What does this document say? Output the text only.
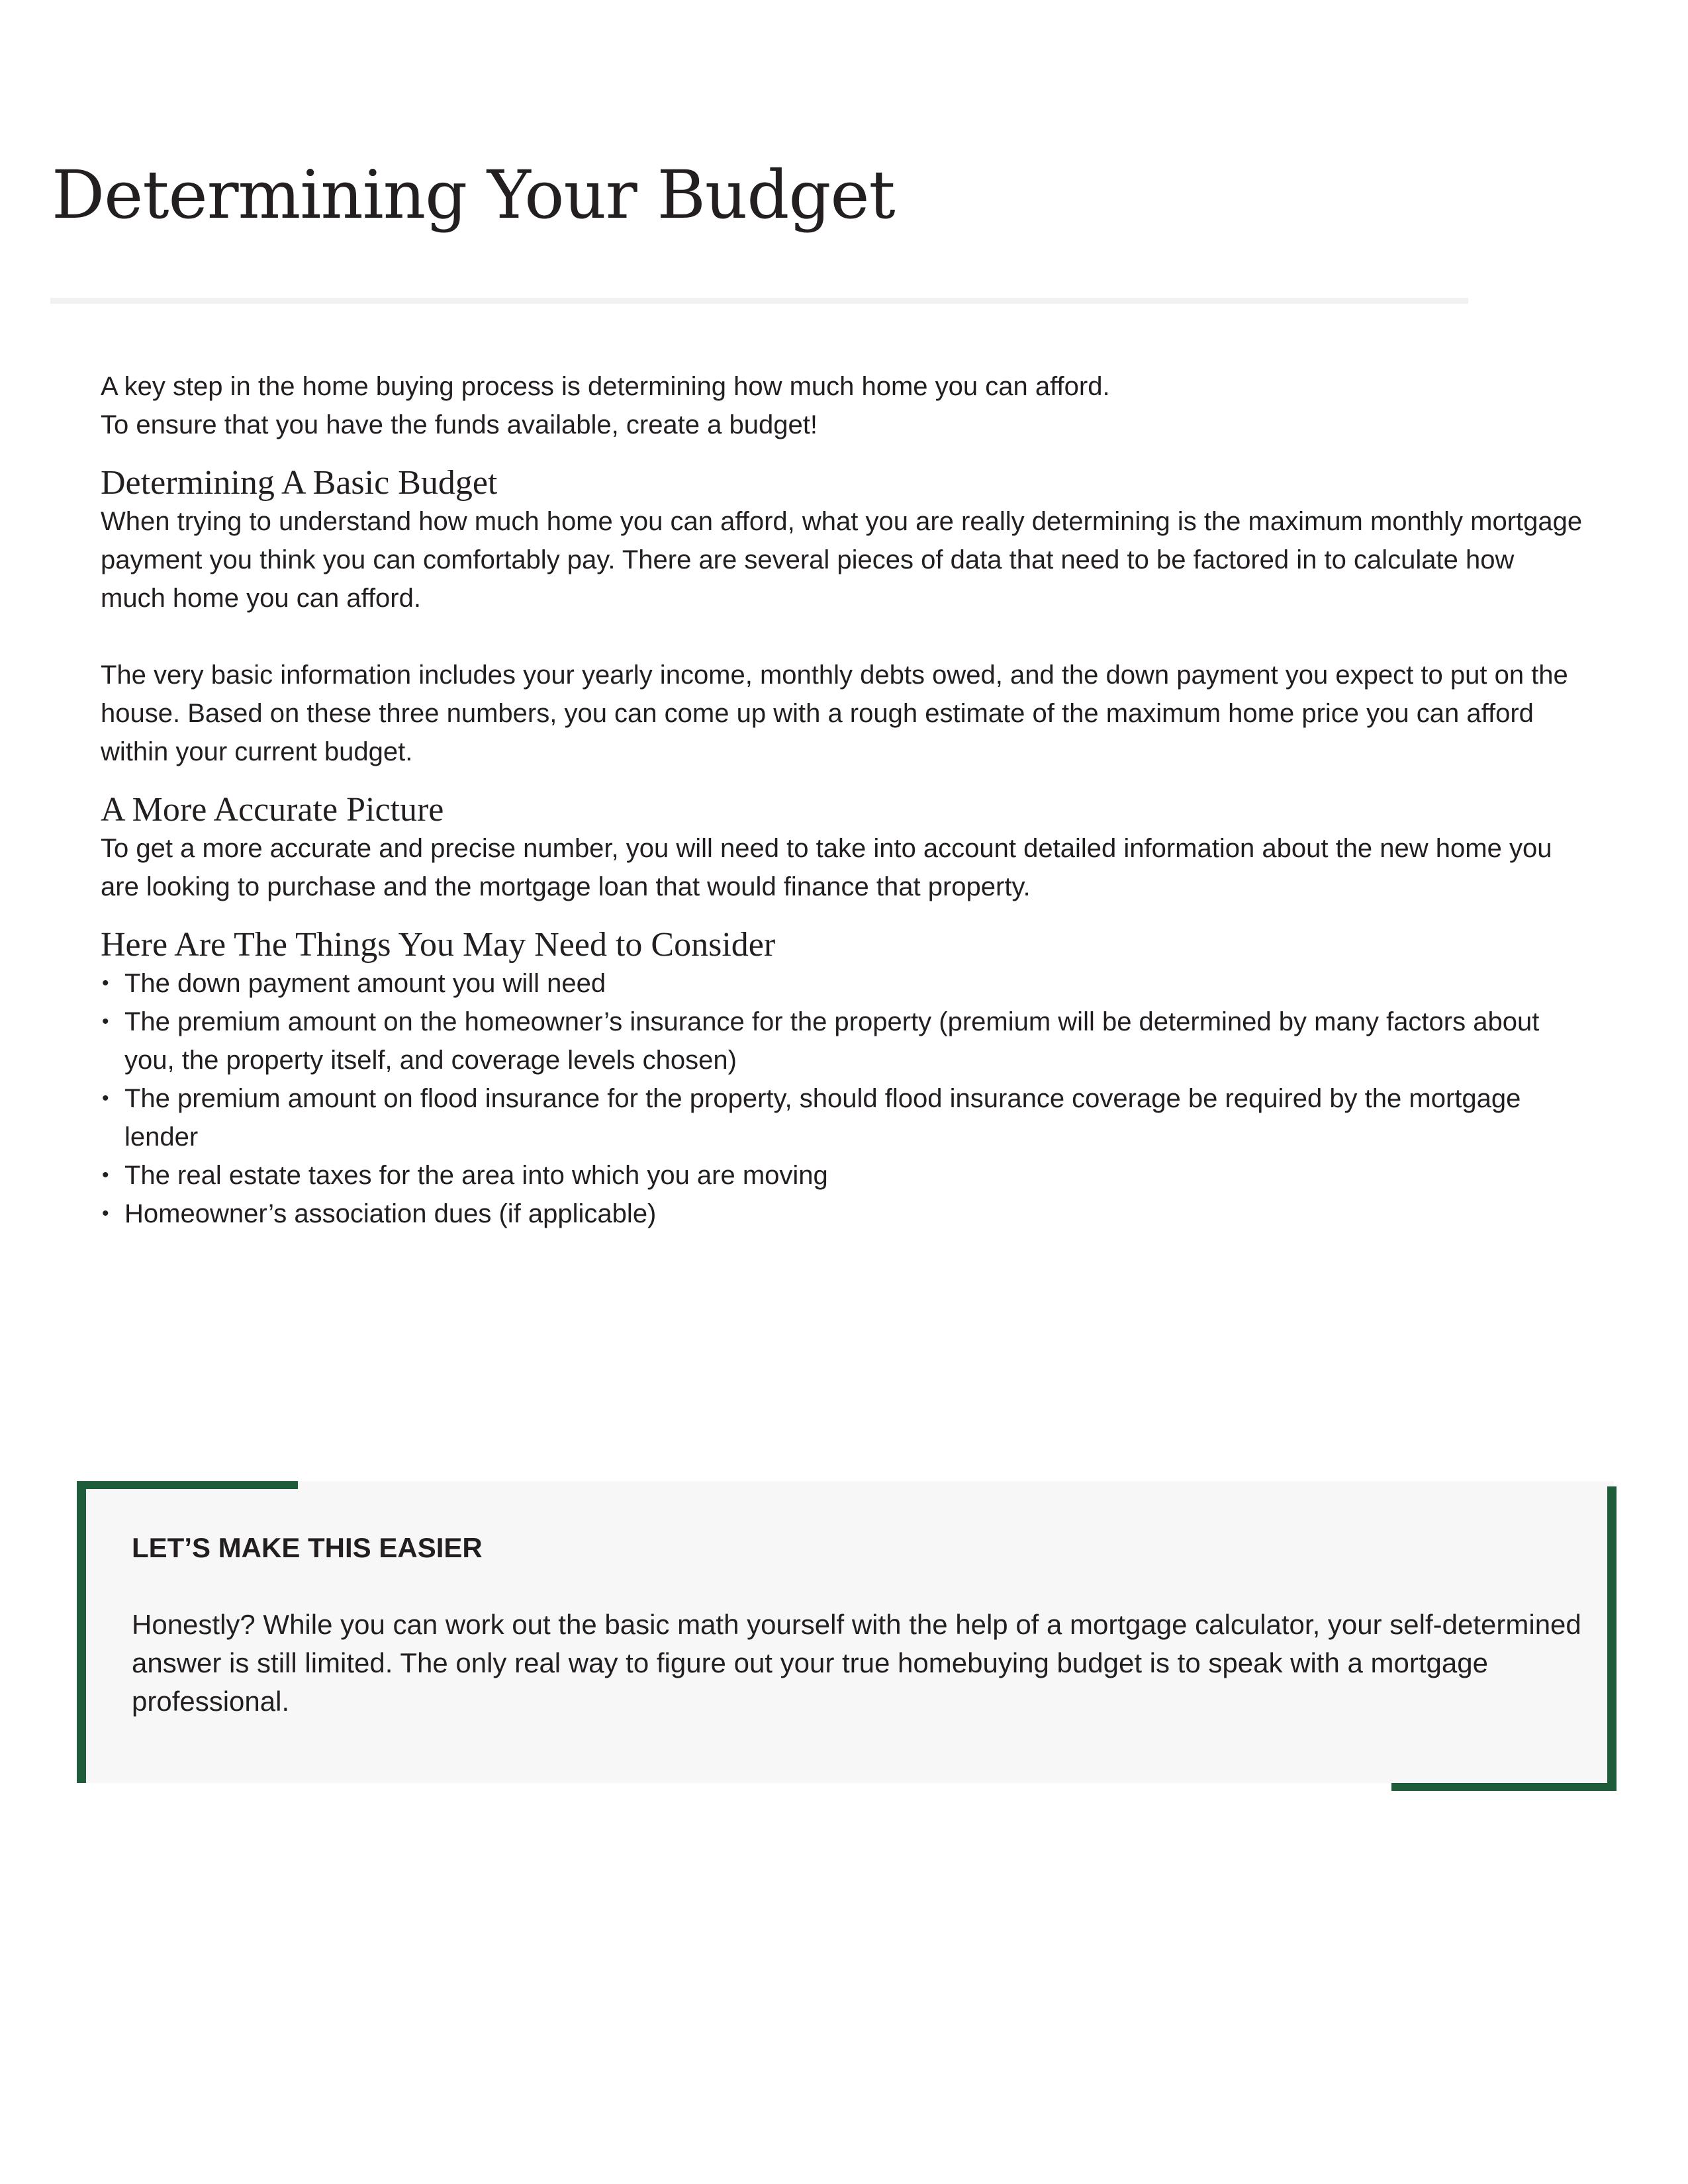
Determining Your Budget

A key step in the home buying process is determining how much home you can afford.
To ensure that you have the funds available, create a budget!

Determining A Basic Budget

When trying to understand how much home you can afford, what you are really determining is the maximum monthly mortgage payment you think you can comfortably pay. There are several pieces of data that need to be factored in to calculate how much home you can afford.

The very basic information includes your yearly income, monthly debts owed, and the down payment you expect to put on the house. Based on these three numbers, you can come up with a rough estimate of the maximum home price you can afford within your current budget.

A More Accurate Picture

To get a more accurate and precise number, you will need to take into account detailed information about the new home you are looking to purchase and the mortgage loan that would finance that property.

Here Are The Things You May Need to Consider
• The down payment amount you will need
• The premium amount on the homeowner’s insurance for the property (premium will be determined by many factors about you, the property itself, and coverage levels chosen)
• The premium amount on flood insurance for the property, should flood insurance coverage be required by the mortgage lender
• The real estate taxes for the area into which you are moving
• Homeowner’s association dues (if applicable)
LET’S MAKE THIS EASIER

Honestly? While you can work out the basic math yourself with the help of a mortgage calculator, your self-determined answer is still limited. The only real way to figure out your true homebuying budget is to speak with a mortgage professional.
